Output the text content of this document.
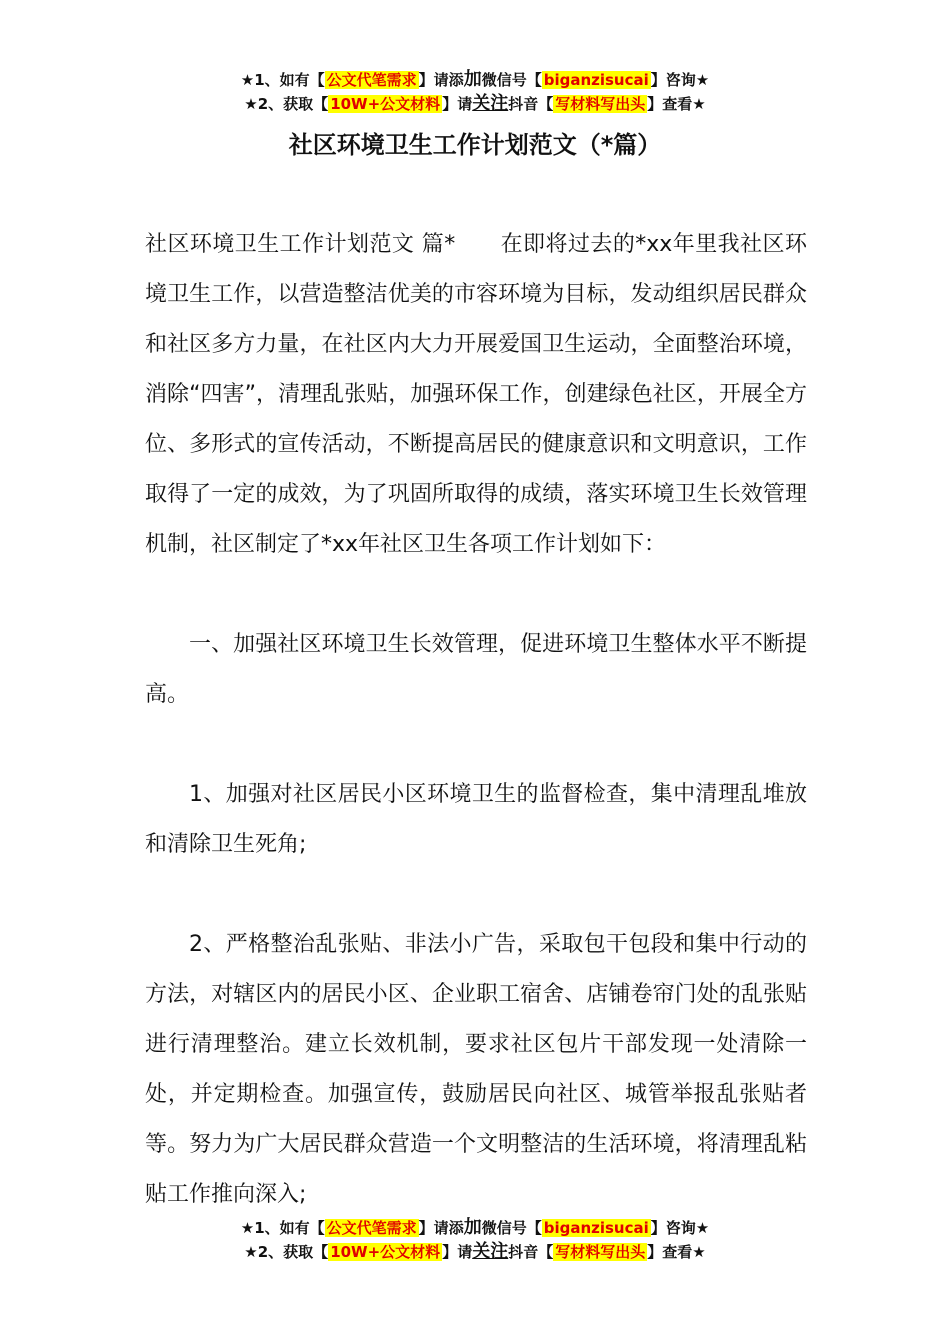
★1、如有【 公文代笔需求 】请添加微信号【 biganzisucai 】咨询★
★2、获取【 10W+公文材料 】请关注抖音【 写材料写出头 】查看★
社区环境卫生工作计划范文（*篇）

社区环境卫生工作计划范文 篇*　　在即将过去的*xx年里我社区环境卫生工作，以营造整洁优美的市容环境为目标，发动组织居民群众和社区多方力量，在社区内大力开展爱国卫生运动，全面整治环境，消除“四害”，清理乱张贴，加强环保工作，创建绿色社区，开展全方位、多形式的宣传活动，不断提高居民的健康意识和文明意识，工作取得了一定的成效，为了巩固所取得的成绩，落实环境卫生长效管理机制，社区制定了*xx年社区卫生各项工作计划如下：

一、加强社区环境卫生长效管理，促进环境卫生整体水平不断提高。

1、加强对社区居民小区环境卫生的监督检查，集中清理乱堆放和清除卫生死角;

2、严格整治乱张贴、非法小广告，采取包干包段和集中行动的方法，对辖区内的居民小区、企业职工宿舍、店铺卷帘门处的乱张贴进行清理整治。建立长效机制，要求社区包片干部发现一处清除一处，并定期检查。加强宣传，鼓励居民向社区、城管举报乱张贴者等。努力为广大居民群众营造一个文明整洁的生活环境，将清理乱粘贴工作推向深入;

★1、如有【 公文代笔需求 】请添加微信号【 biganzisucai 】咨询★
★2、获取【 10W+公文材料 】请关注抖音【 写材料写出头 】查看★
